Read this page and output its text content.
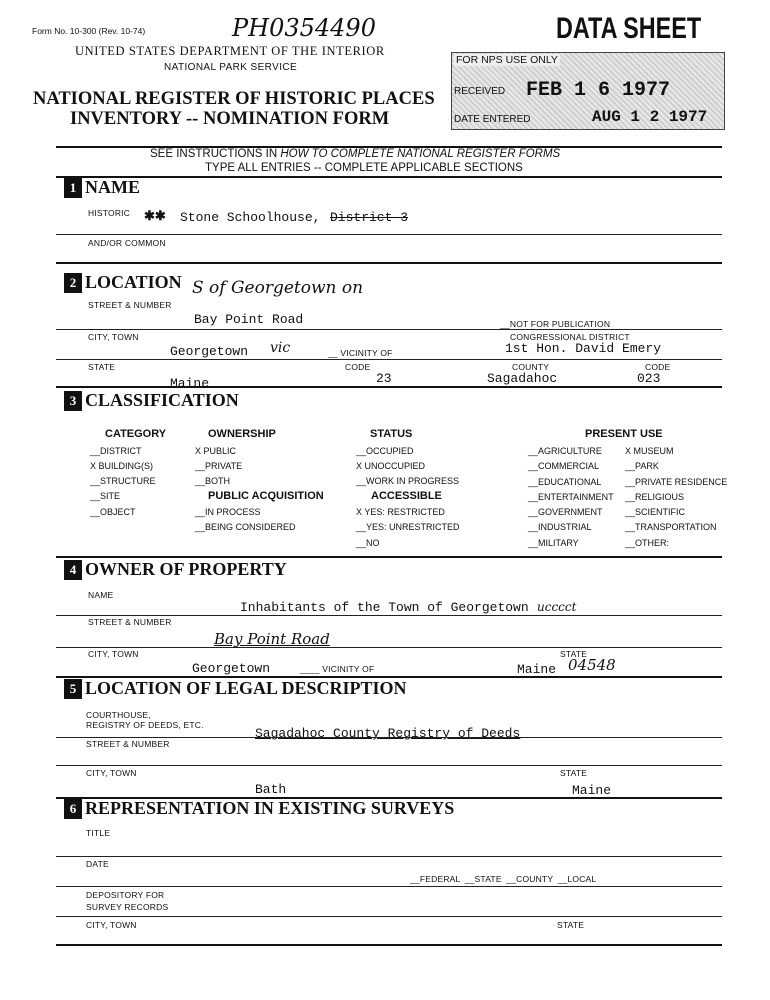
Form No. 10-300 (Rev. 10-74)	PH0354490
UNITED STATES DEPARTMENT OF THE INTERIOR
NATIONAL PARK SERVICE
NATIONAL REGISTER OF HISTORIC PLACES
INVENTORY -- NOMINATION FORM
DATA SHEET
FOR NPS USE ONLY
RECEIVED FEB 1 6 1977
DATE ENTERED	AUG 1 2 1977
SEE INSTRUCTIONS IN HOW TO COMPLETE NATIONAL REGISTER FORMS
TYPE ALL ENTRIES -- COMPLETE APPLICABLE SECTIONS
1 NAME
HISTORIC ✱✱ Stone Schoolhouse, District-3
AND/OR COMMON
2 LOCATION S of Georgetown on
STREET & NUMBER
Bay Point Road	__NOT FOR PUBLICATION
CITY, TOWN	CONGRESSIONAL DISTRICT
Georgetown vic	__ VICINITY OF	1st Hon. David Emery
STATE	CODE	COUNTY	CODE
Maine	23	Sagadahoc	023
3 CLASSIFICATION
CATEGORY
__DISTRICT
X BUILDING(S)
__STRUCTURE
__SITE
__OBJECT
OWNERSHIP
X PUBLIC
__PRIVATE
__BOTH
PUBLIC ACQUISITION
__IN PROCESS
__BEING CONSIDERED
STATUS
__OCCUPIED
X UNOCCUPIED
__WORK IN PROGRESS
ACCESSIBLE
X YES: RESTRICTED
__YES: UNRESTRICTED
__NO
PRESENT USE
__AGRICULTURE
__COMMERCIAL
__EDUCATIONAL
__ENTERTAINMENT
__GOVERNMENT
__INDUSTRIAL
__MILITARY
X MUSEUM
__PARK
__PRIVATE RESIDENCE
__RELIGIOUS
__SCIENTIFIC
__TRANSPORTATION
__OTHER:
4 OWNER OF PROPERTY
NAME
Inhabitants of the Town of Georgetown ucccct
STREET & NUMBER
Bay Point Road
CITY, TOWN	STATE
Georgetown	____ VICINITY OF	Maine 04548
5 LOCATION OF LEGAL DESCRIPTION
COURTHOUSE,
REGISTRY OF DEEDS, ETC.
Sagadahoc County Registry of Deeds
STREET & NUMBER
CITY, TOWN	STATE
Bath	Maine
6 REPRESENTATION IN EXISTING SURVEYS
TITLE
DATE
__FEDERAL __STATE __COUNTY __LOCAL
DEPOSITORY FOR
SURVEY RECORDS
CITY, TOWN	STATE
